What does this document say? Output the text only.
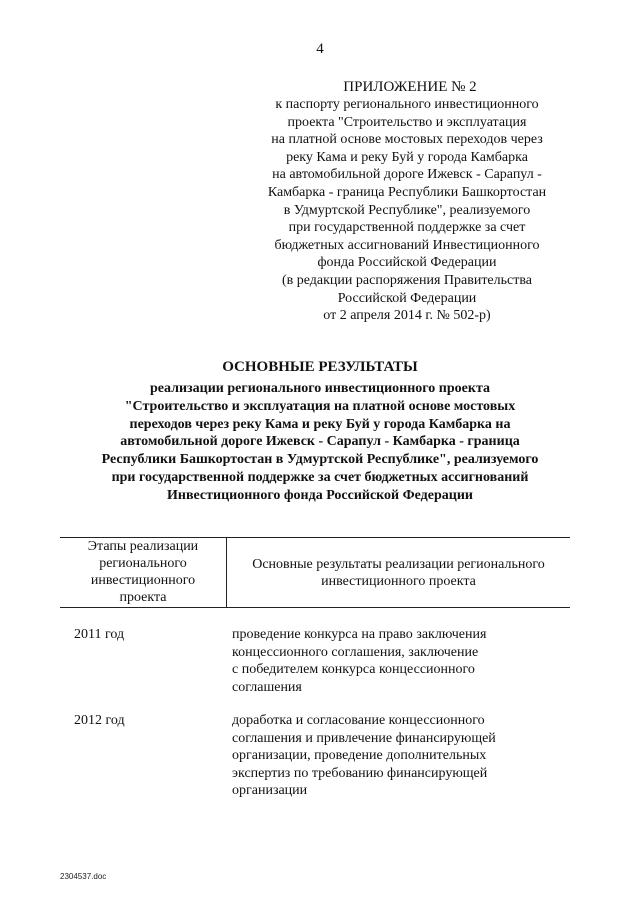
4
ПРИЛОЖЕНИЕ № 2
к паспорту регионального инвестиционного
проекта "Строительство и эксплуатация
на платной основе мостовых переходов через
реку Кама и реку Буй у города Камбарка
на автомобильной дороге Ижевск - Сарапул -
Камбарка - граница Республики Башкортостан
в Удмуртской Республике", реализуемого
при государственной поддержке за счет
бюджетных ассигнований Инвестиционного
фонда Российской Федерации
(в редакции распоряжения Правительства
Российской Федерации
от 2 апреля 2014 г. № 502-р)
ОСНОВНЫЕ РЕЗУЛЬТАТЫ
реализации регионального инвестиционного проекта
"Строительство и эксплуатация на платной основе мостовых
переходов через реку Кама и реку Буй у города Камбарка на
автомобильной дороге Ижевск - Сарапул - Камбарка - граница
Республики Башкортостан в Удмуртской Республике", реализуемого
при государственной поддержке за счет бюджетных ассигнований
Инвестиционного фонда Российской Федерации
Этапы реализации
регионального
инвестиционного
проекта
Основные результаты реализации регионального
инвестиционного проекта
2011 год	проведение конкурса на право заключения
концессионного соглашения, заключение
с победителем конкурса концессионного
соглашения
2012 год	доработка и согласование концессионного
соглашения и привлечение финансирующей
организации, проведение дополнительных
экспертиз по требованию финансирующей
организации
2304537.doc
